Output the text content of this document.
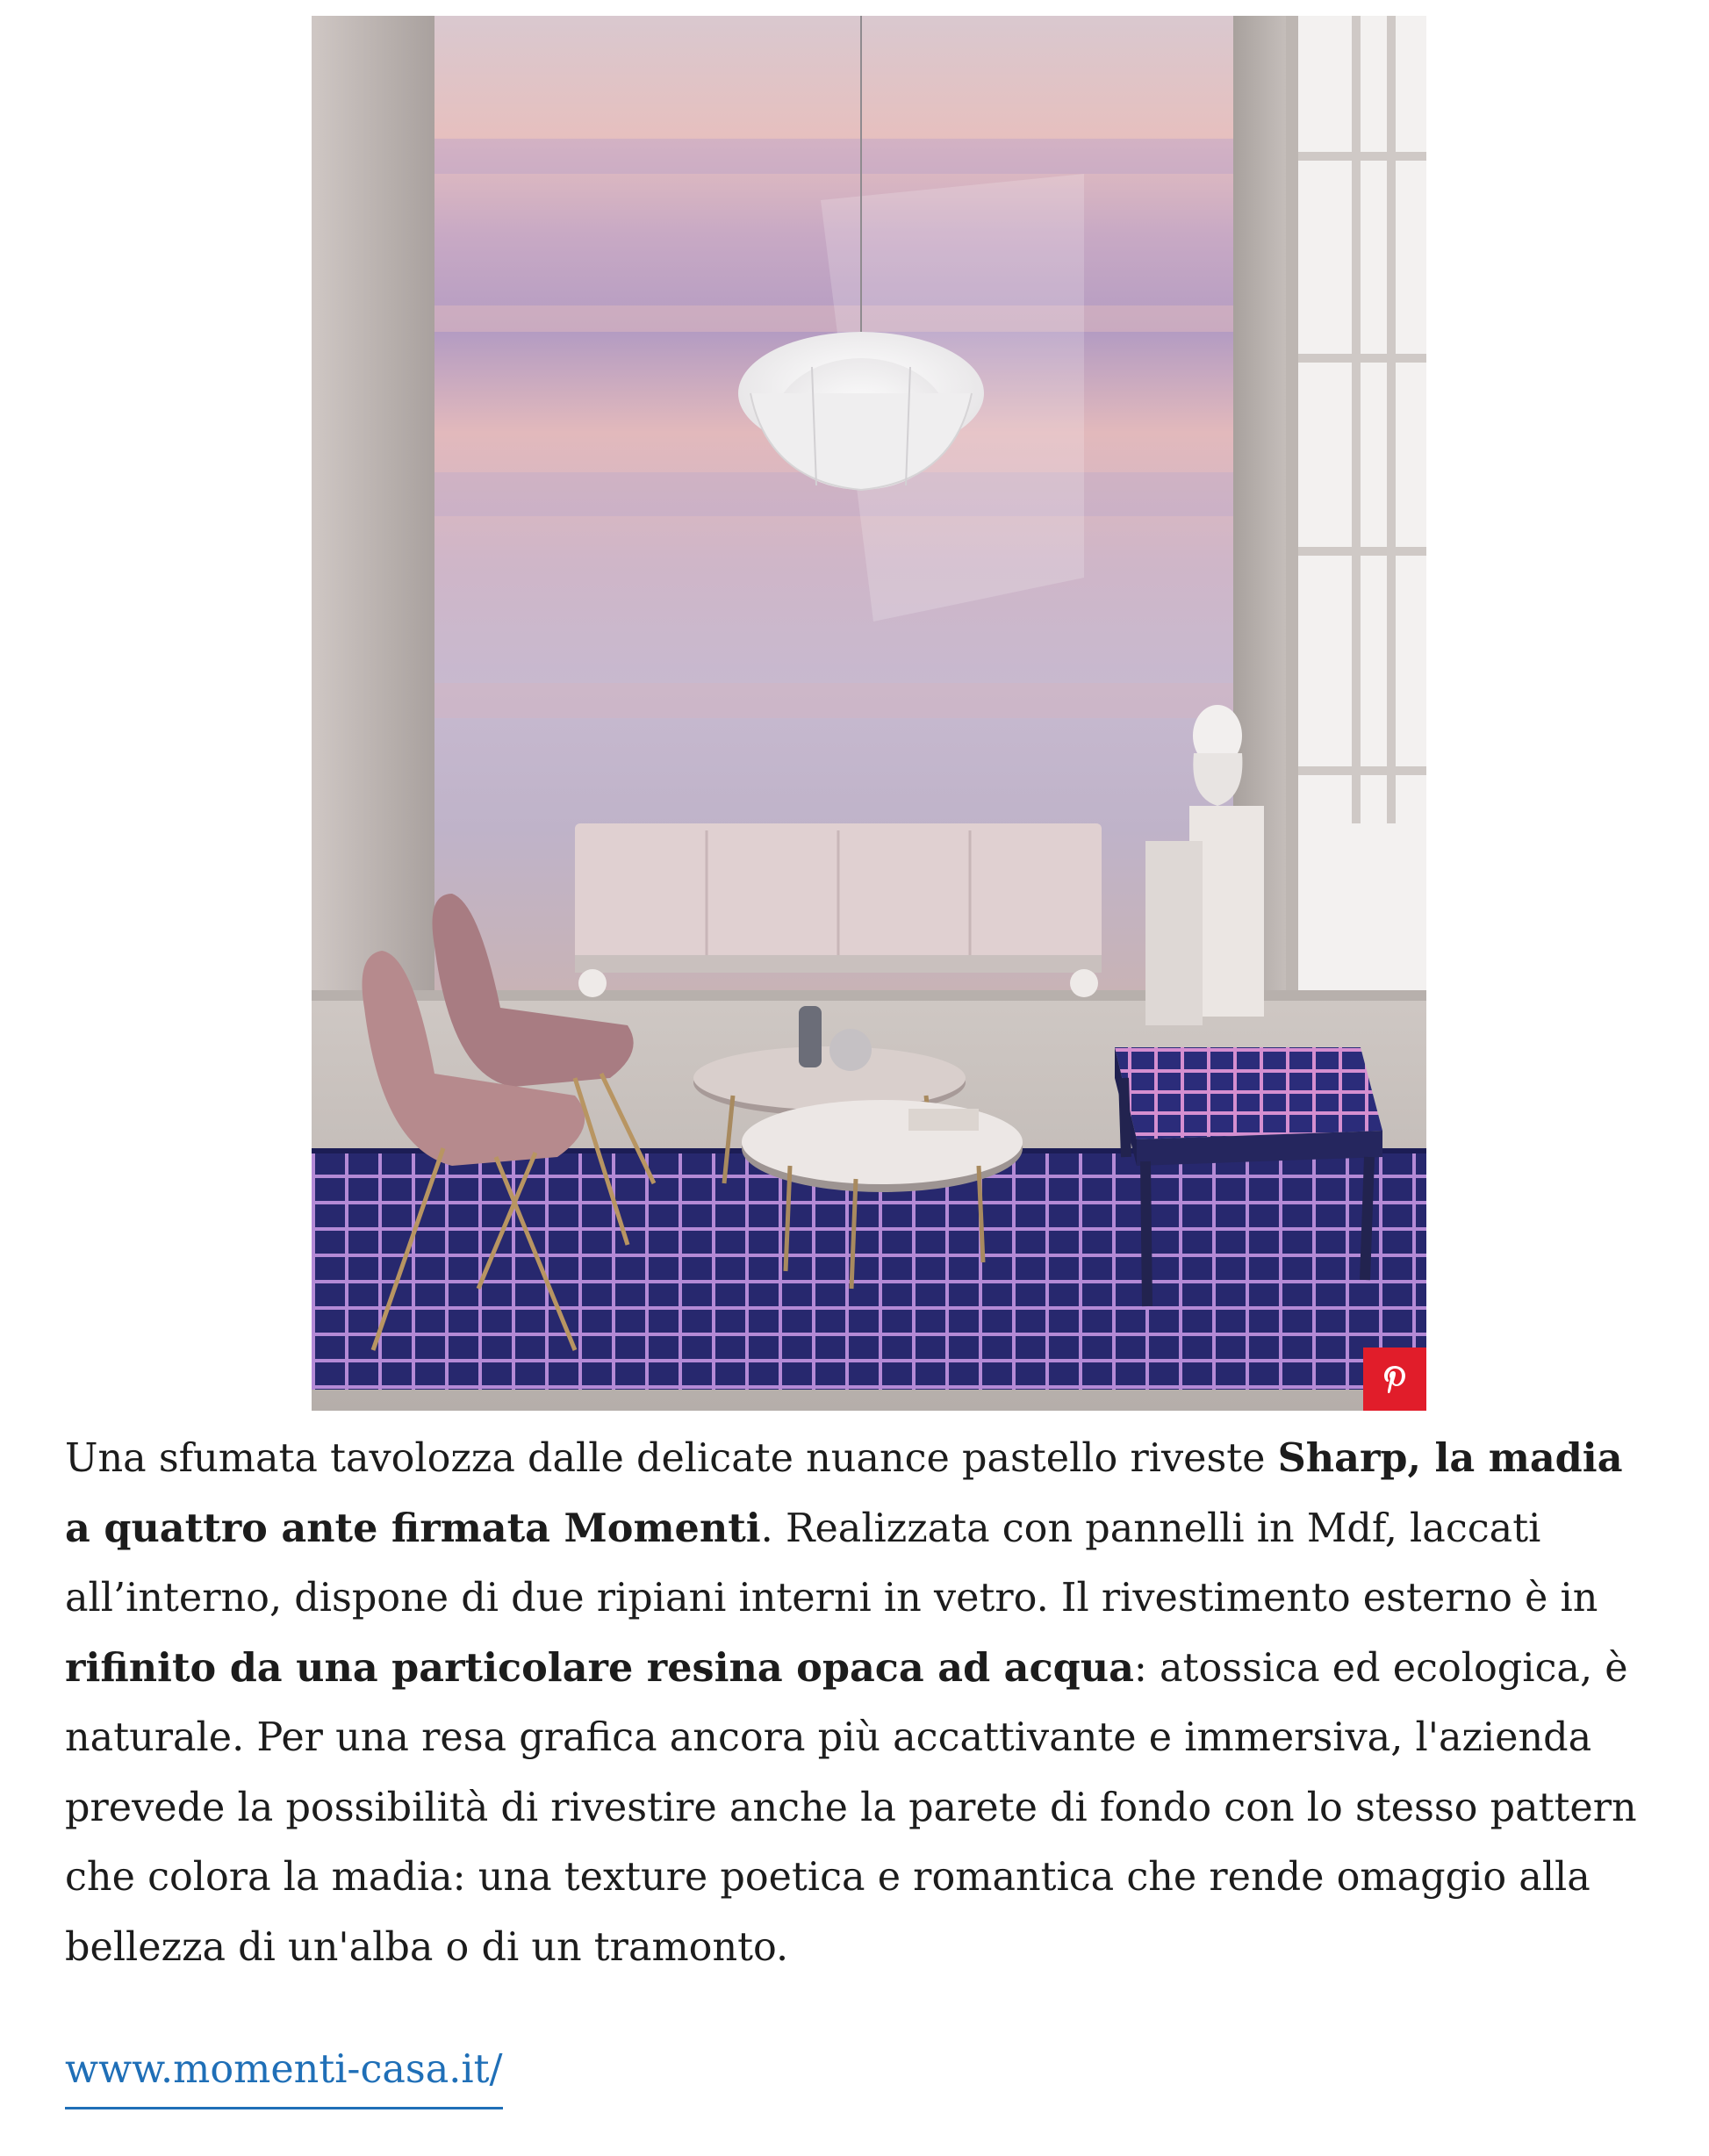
Una sfumata tavolozza dalle delicate nuance pastello riveste Sharp, la madia a quattro ante firmata Momenti. Realizzata con pannelli in Mdf, laccati all’interno, dispone di due ripiani interni in vetro. Il rivestimento esterno è in rifinito da una particolare resina opaca ad acqua: atossica ed ecologica, è naturale. Per una resa grafica ancora più accattivante e immersiva, l'azienda prevede la possibilità di rivestire anche la parete di fondo con lo stesso pattern che colora la madia: una texture poetica e romantica che rende omaggio alla bellezza di un'alba o di un tramonto.

www.momenti-casa.it/
